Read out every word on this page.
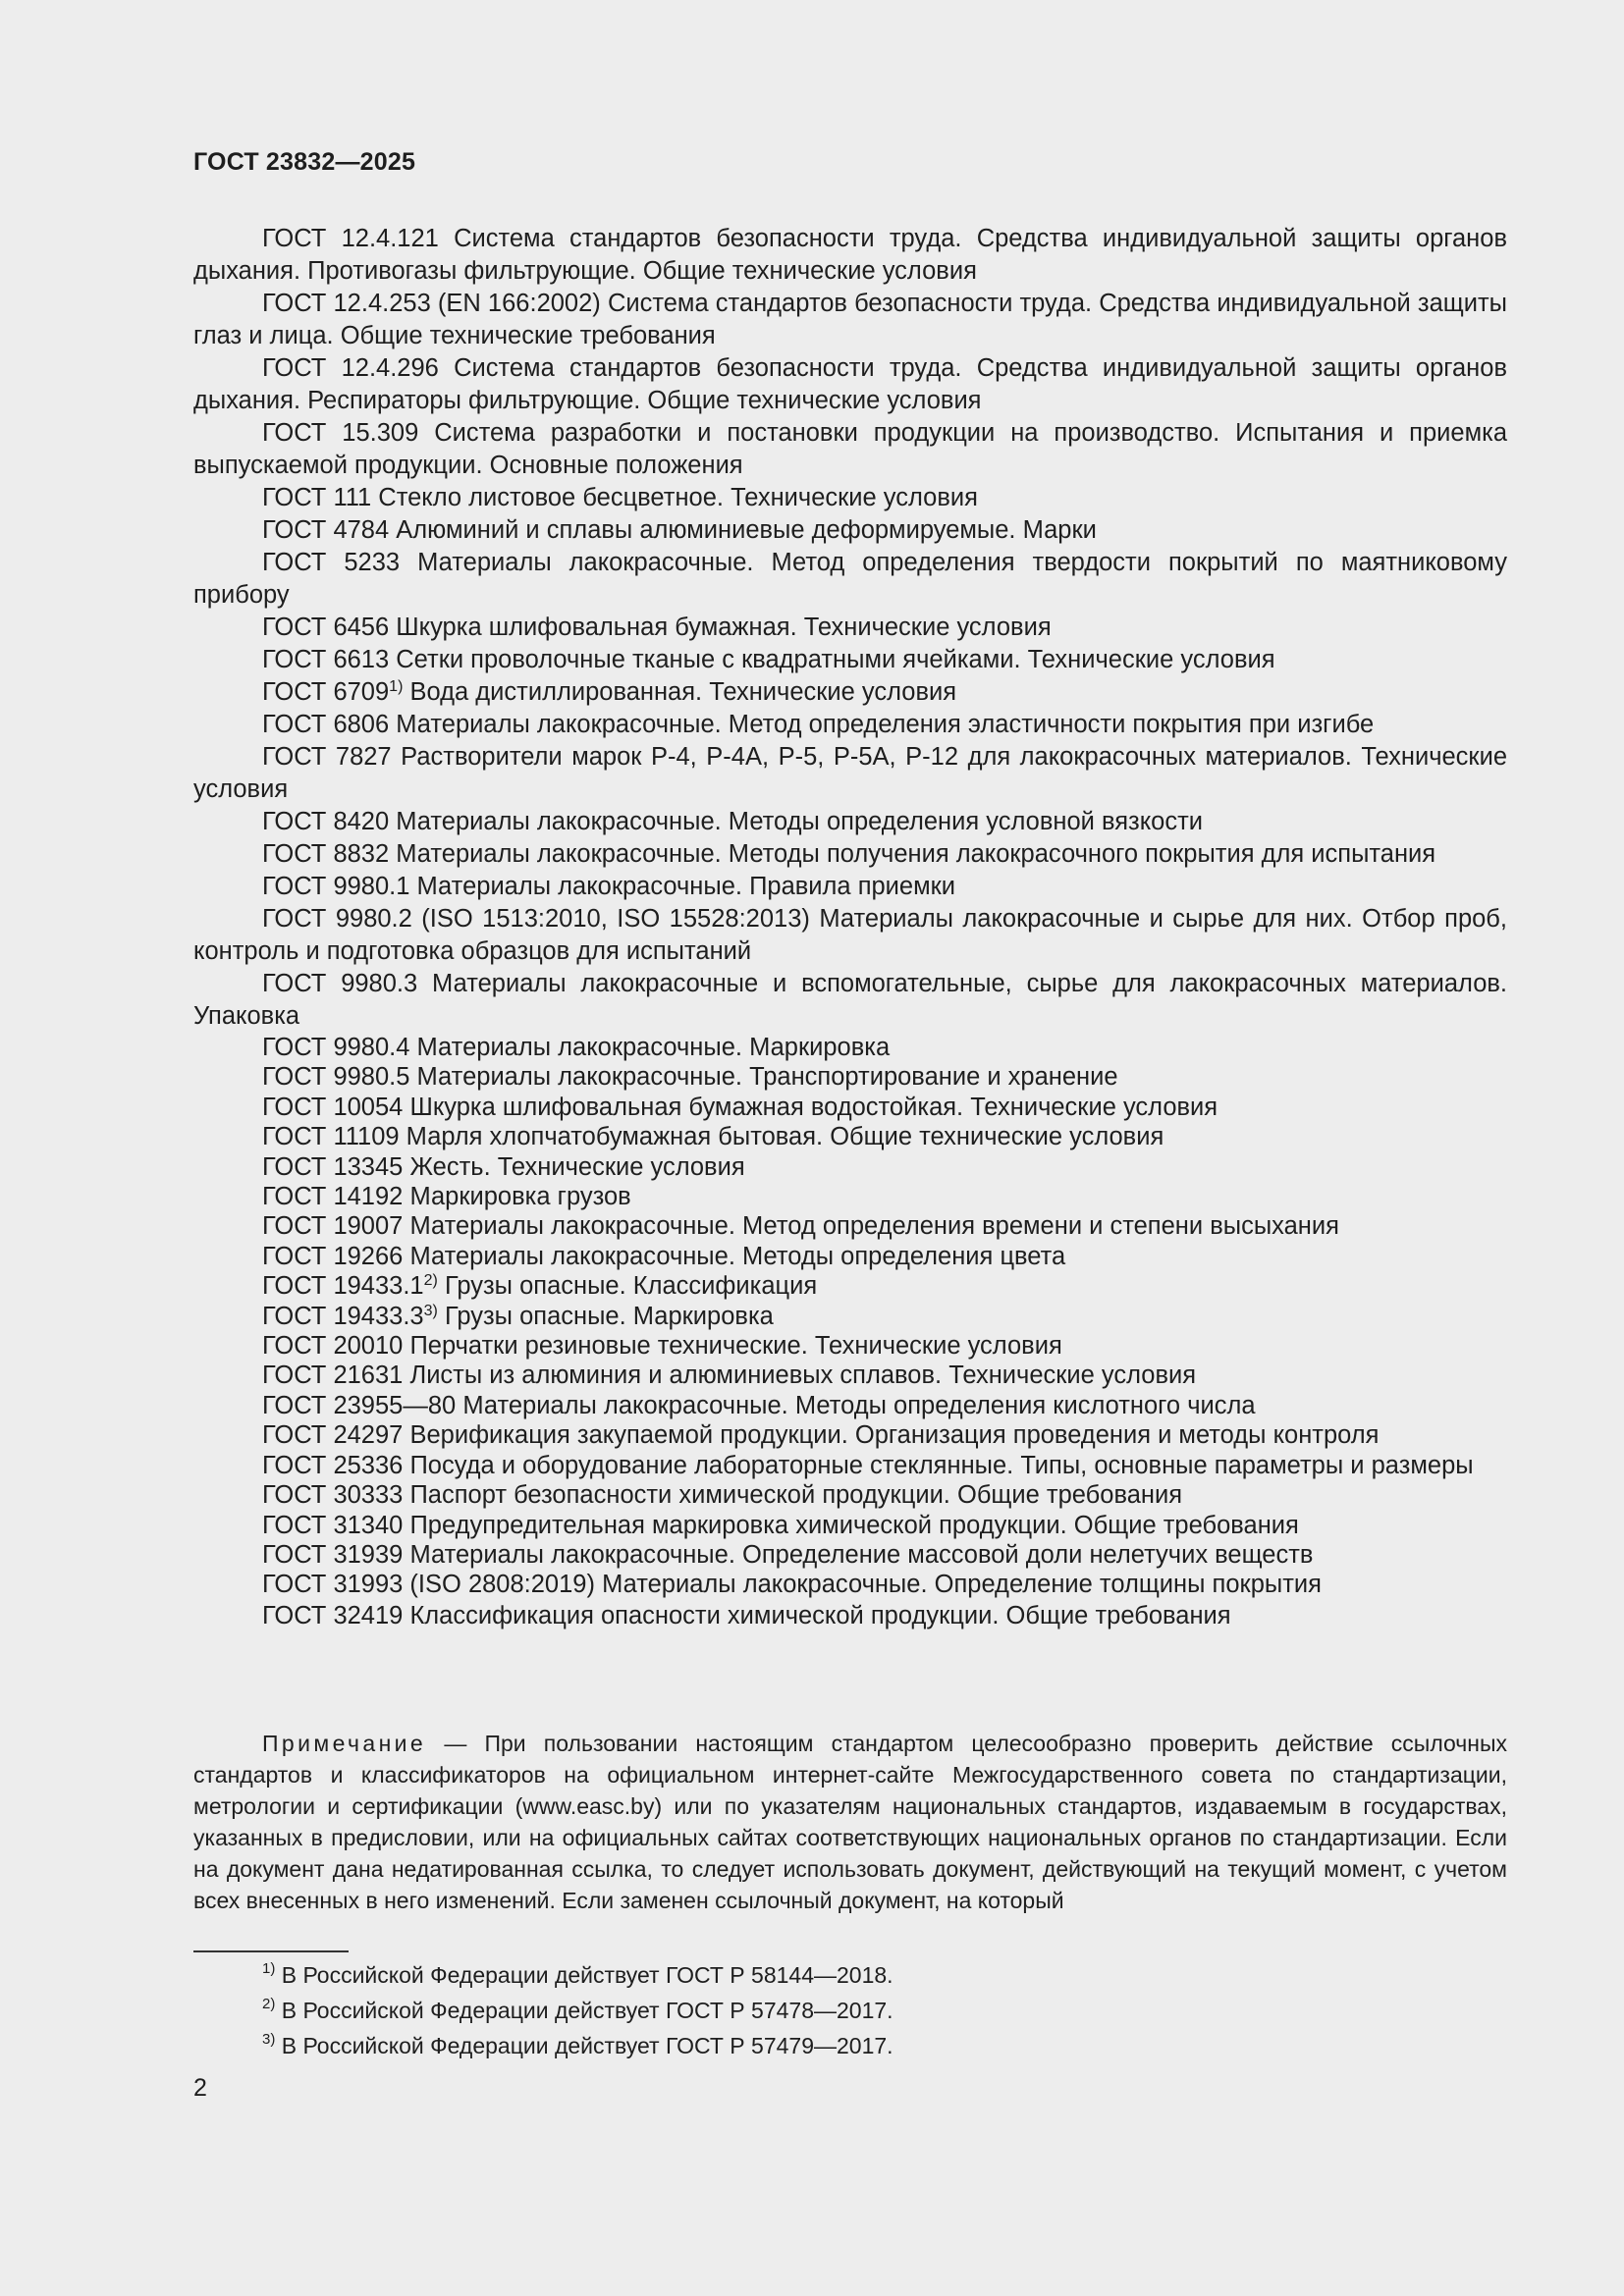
ГОСТ 23832—2025

ГОСТ 12.4.121 Система стандартов безопасности труда. Средства индивидуальной защиты органов дыхания. Противогазы фильтрующие. Общие технические условия

ГОСТ 12.4.253 (EN 166:2002) Система стандартов безопасности труда. Средства индивидуальной защиты глаз и лица. Общие технические требования

ГОСТ 12.4.296 Система стандартов безопасности труда. Средства индивидуальной защиты органов дыхания. Респираторы фильтрующие. Общие технические условия

ГОСТ 15.309 Система разработки и постановки продукции на производство. Испытания и приемка выпускаемой продукции. Основные положения

ГОСТ 111 Стекло листовое бесцветное. Технические условия

ГОСТ 4784 Алюминий и сплавы алюминиевые деформируемые. Марки

ГОСТ 5233 Материалы лакокрасочные. Метод определения твердости покрытий по маятниковому прибору

ГОСТ 6456 Шкурка шлифовальная бумажная. Технические условия

ГОСТ 6613 Сетки проволочные тканые с квадратными ячейками. Технические условия

ГОСТ 6709$^{1)}$ Вода дистиллированная. Технические условия

ГОСТ 6806 Материалы лакокрасочные. Метод определения эластичности покрытия при изгибе

ГОСТ 7827 Растворители марок Р-4, Р-4А, Р-5, Р-5А, Р-12 для лакокрасочных материалов. Технические условия

ГОСТ 8420 Материалы лакокрасочные. Методы определения условной вязкости

ГОСТ 8832 Материалы лакокрасочные. Методы получения лакокрасочного покрытия для испытания

ГОСТ 9980.1 Материалы лакокрасочные. Правила приемки

ГОСТ 9980.2 (ISO 1513:2010, ISO 15528:2013) Материалы лакокрасочные и сырье для них. Отбор проб, контроль и подготовка образцов для испытаний

ГОСТ 9980.3 Материалы лакокрасочные и вспомогательные, сырье для лакокрасочных материалов. Упаковка

ГОСТ 9980.4 Материалы лакокрасочные. Маркировка

ГОСТ 9980.5 Материалы лакокрасочные. Транспортирование и хранение

ГОСТ 10054 Шкурка шлифовальная бумажная водостойкая. Технические условия

ГОСТ 11109 Марля хлопчатобумажная бытовая. Общие технические условия

ГОСТ 13345 Жесть. Технические условия

ГОСТ 14192 Маркировка грузов

ГОСТ 19007 Материалы лакокрасочные. Метод определения времени и степени высыхания

ГОСТ 19266 Материалы лакокрасочные. Методы определения цвета

ГОСТ 19433.1$^{2)}$ Грузы опасные. Классификация

ГОСТ 19433.3$^{3)}$ Грузы опасные. Маркировка

ГОСТ 20010 Перчатки резиновые технические. Технические условия

ГОСТ 21631 Листы из алюминия и алюминиевых сплавов. Технические условия

ГОСТ 23955—80 Материалы лакокрасочные. Методы определения кислотного числа

ГОСТ 24297 Верификация закупаемой продукции. Организация проведения и методы контроля

ГОСТ 25336 Посуда и оборудование лабораторные стеклянные. Типы, основные параметры и размеры

ГОСТ 30333 Паспорт безопасности химической продукции. Общие требования

ГОСТ 31340 Предупредительная маркировка химической продукции. Общие требования

ГОСТ 31939 Материалы лакокрасочные. Определение массовой доли нелетучих веществ

ГОСТ 31993 (ISO 2808:2019) Материалы лакокрасочные. Определение толщины покрытия

ГОСТ 32419 Классификация опасности химической продукции. Общие требования

Примечание — При пользовании настоящим стандартом целесообразно проверить действие ссылочных стандартов и классификаторов на официальном интернет-сайте Межгосударственного совета по стандартизации, метрологии и сертификации (www.easc.by) или по указателям национальных стандартов, издаваемым в государствах, указанных в предисловии, или на официальных сайтах соответствующих национальных органов по стандартизации. Если на документ дана недатированная ссылка, то следует использовать документ, действующий на текущий момент, с учетом всех внесенных в него изменений. Если заменен ссылочный документ, на который

$^{1)}$ В Российской Федерации действует ГОСТ Р 58144—2018.
$^{2)}$ В Российской Федерации действует ГОСТ Р 57478—2017.
$^{3)}$ В Российской Федерации действует ГОСТ Р 57479—2017.
2
